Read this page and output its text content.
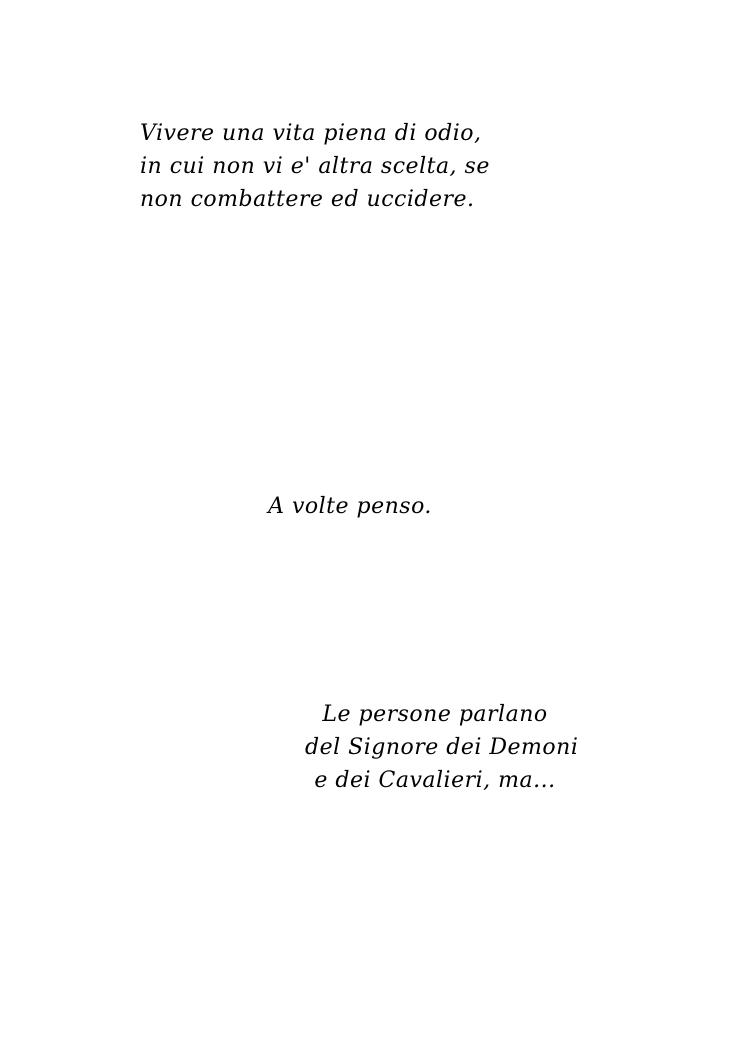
Vivere una vita piena di odio,
in cui non vi e' altra scelta, se
non combattere ed uccidere.
A volte penso.
Le persone parlano
del Signore dei Demoni
e dei Cavalieri, ma...
